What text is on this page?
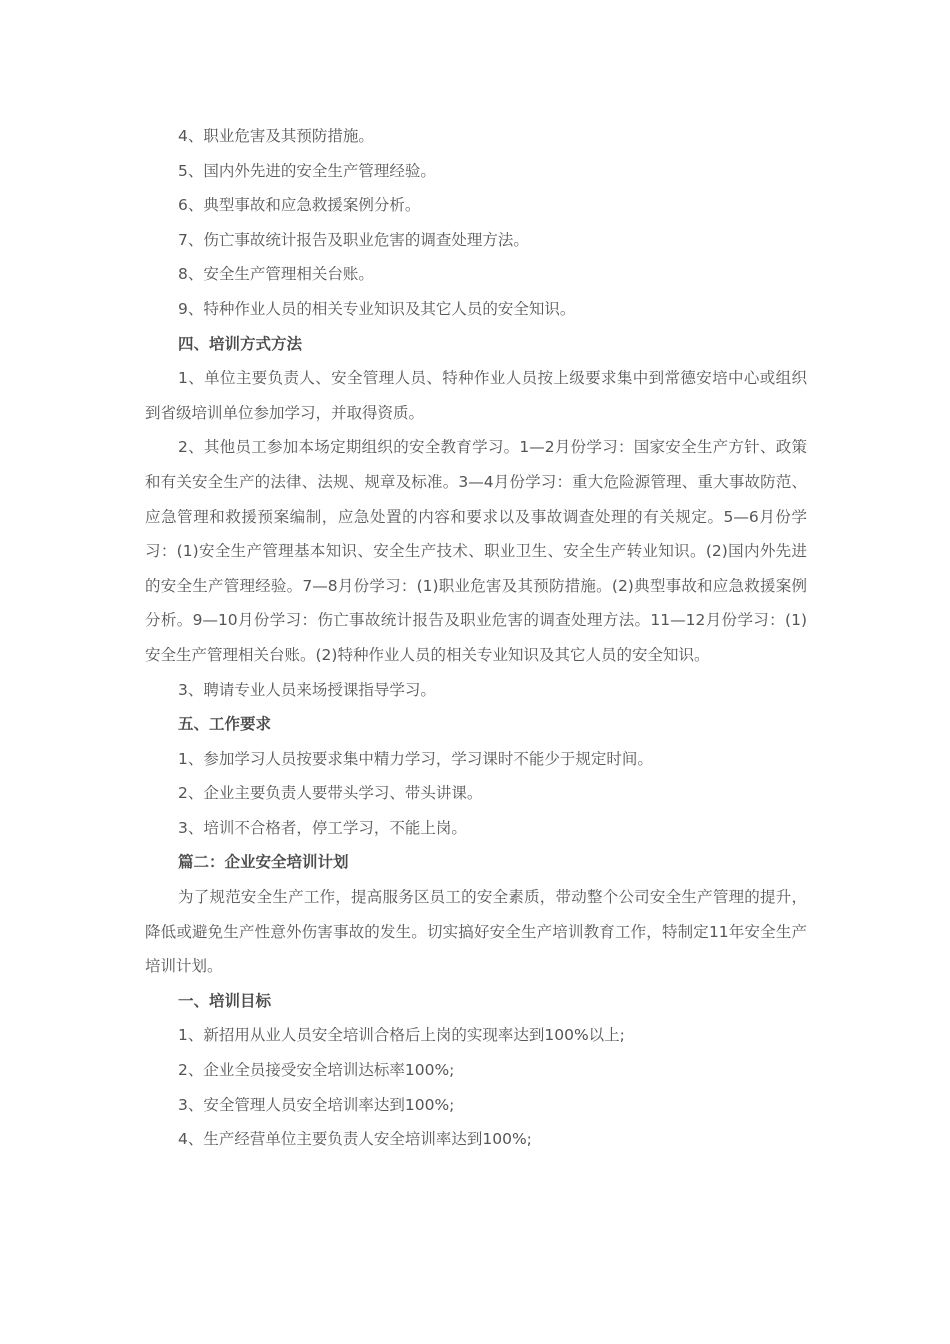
4、职业危害及其预防措施。

5、国内外先进的安全生产管理经验。

6、典型事故和应急救援案例分析。

7、伤亡事故统计报告及职业危害的调查处理方法。

8、安全生产管理相关台账。

9、特种作业人员的相关专业知识及其它人员的安全知识。

四、培训方式方法

1、单位主要负责人、安全管理人员、特种作业人员按上级要求集中到常德安培中心或组织到省级培训单位参加学习，并取得资质。

2、其他员工参加本场定期组织的安全教育学习。1—2月份学习：国家安全生产方针、政策和有关安全生产的法律、法规、规章及标准。3—4月份学习：重大危险源管理、重大事故防范、应急管理和救援预案编制，应急处置的内容和要求以及事故调查处理的有关规定。5—6月份学习：(1)安全生产管理基本知识、安全生产技术、职业卫生、安全生产转业知识。(2)国内外先进的安全生产管理经验。7—8月份学习：(1)职业危害及其预防措施。(2)典型事故和应急救援案例分析。9—10月份学习：伤亡事故统计报告及职业危害的调查处理方法。11—12月份学习：(1)安全生产管理相关台账。(2)特种作业人员的相关专业知识及其它人员的安全知识。

3、聘请专业人员来场授课指导学习。

五、工作要求

1、参加学习人员按要求集中精力学习，学习课时不能少于规定时间。

2、企业主要负责人要带头学习、带头讲课。

3、培训不合格者，停工学习，不能上岗。

篇二：企业安全培训计划

为了规范安全生产工作，提高服务区员工的安全素质，带动整个公司安全生产管理的提升，降低或避免生产性意外伤害事故的发生。切实搞好安全生产培训教育工作，特制定11年安全生产培训计划。

一、培训目标

1、新招用从业人员安全培训合格后上岗的实现率达到100%以上;

2、企业全员接受安全培训达标率100%;

3、安全管理人员安全培训率达到100%;

4、生产经营单位主要负责人安全培训率达到100%;
